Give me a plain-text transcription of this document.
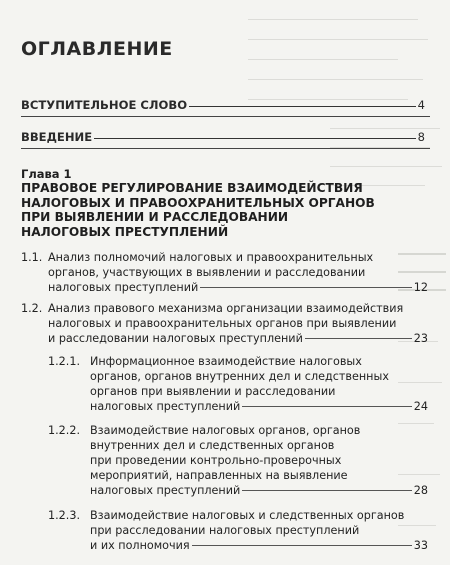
ОГЛАВЛЕНИЕ
ВСТУПИТЕЛЬНОЕ СЛОВО	4
ВВЕДЕНИЕ	8
Глава 1
ПРАВОВОЕ РЕГУЛИРОВАНИЕ ВЗАИМОДЕЙСТВИЯ
НАЛОГОВЫХ И ПРАВООХРАНИТЕЛЬНЫХ ОРГАНОВ
ПРИ ВЫЯВЛЕНИИ И РАССЛЕДОВАНИИ
НАЛОГОВЫХ ПРЕСТУПЛЕНИЙ
1.1. Анализ полномочий налоговых и правоохранительных
органов, участвующих в выявлении и расследовании
налоговых преступлений	12
1.2. Анализ правового механизма организации взаимодействия
налоговых и правоохранительных органов при выявлении
и расследовании налоговых преступлений	23
1.2.1. Информационное взаимодействие налоговых
органов, органов внутренних дел и следственных
органов при выявлении и расследовании
налоговых преступлений	24
1.2.2. Взаимодействие налоговых органов, органов
внутренних дел и следственных органов
при проведении контрольно-проверочных
мероприятий, направленных на выявление
налоговых преступлений	28
1.2.3. Взаимодействие налоговых и следственных органов
при расследовании налоговых преступлений
и их полномочия	33
